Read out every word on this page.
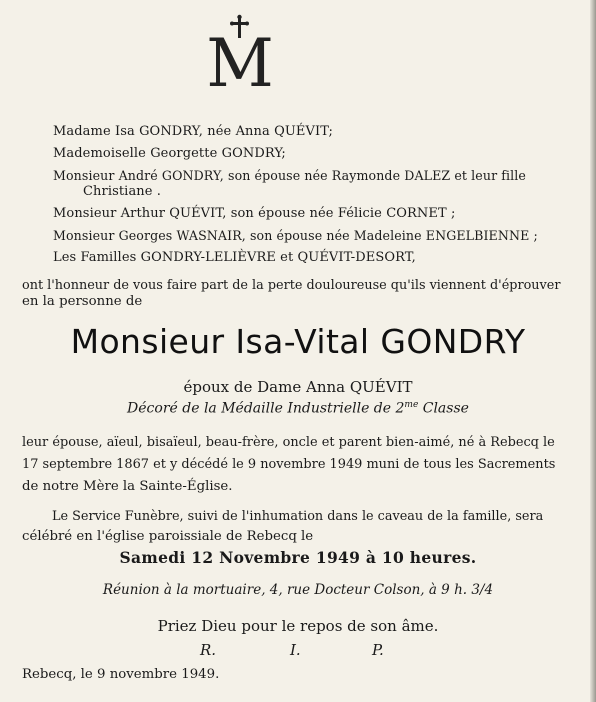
M
Madame Isa GONDRY, née Anna QUÉVIT;
Mademoiselle Georgette GONDRY;
Monsieur André GONDRY, son épouse née Raymonde DALEZ et leur fille
Christiane .
Monsieur Arthur QUÉVIT, son épouse née Félicie CORNET ;
Monsieur Georges WASNAIR, son épouse née Madeleine ENGELBIENNE ;
Les Familles GONDRY-LELIÈVRE et QUÉVIT-DESORT,
ont l'honneur de vous faire part de la perte douloureuse qu'ils viennent d'éprouver
en la personne de
Monsieur Isa-Vital GONDRY
époux de Dame Anna QUÉVIT
Décoré de la Médaille Industrielle de $2^{me}$ Classe
leur épouse, aïeul, bisaïeul, beau-frère, oncle et parent bien-aimé, né à Rebecq le
17 septembre 1867 et y décédé le 9 novembre 1949 muni de tous les Sacrements
de notre Mère la Sainte-Église.
Le Service Funèbre, suivi de l'inhumation dans le caveau de la famille, sera
célébré en l'église paroissiale de Rebecq le
Samedi 12 Novembre 1949 à 10 heures.
Réunion à la mortuaire, 4, rue Docteur Colson, à 9 h. 3/4
Priez Dieu pour le repos de son âme.
R.	I.	P.
Rebecq, le 9 novembre 1949.
